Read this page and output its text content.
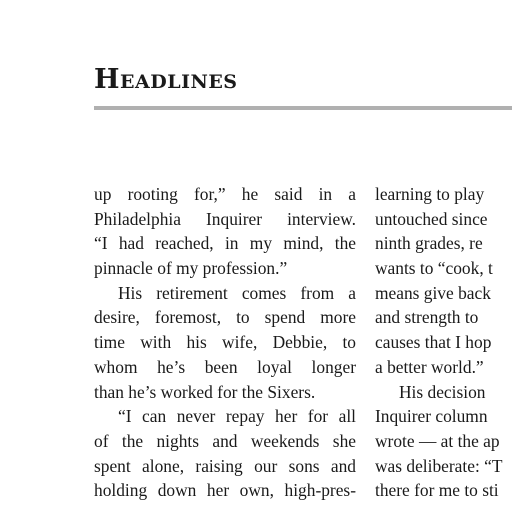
Headlines
up rooting for,” he said in a
Philadelphia Inquirer interview.
“I had reached, in my mind, the
pinnacle of my profession.”
His retirement comes from a
desire, foremost, to spend more
time with his wife, Debbie, to
whom he’s been loyal longer
than he’s worked for the Sixers.
“I can never repay her for all
of the nights and weekends she
spent alone, raising our sons and
holding down her own, high-pres-
learning to play
untouched since
ninth grades, re
wants to “cook, t
means give back
and strength to
causes that I hop
a better world.”
His decision
Inquirer column
wrote — at the ap
was deliberate: “T
there for me to sti
